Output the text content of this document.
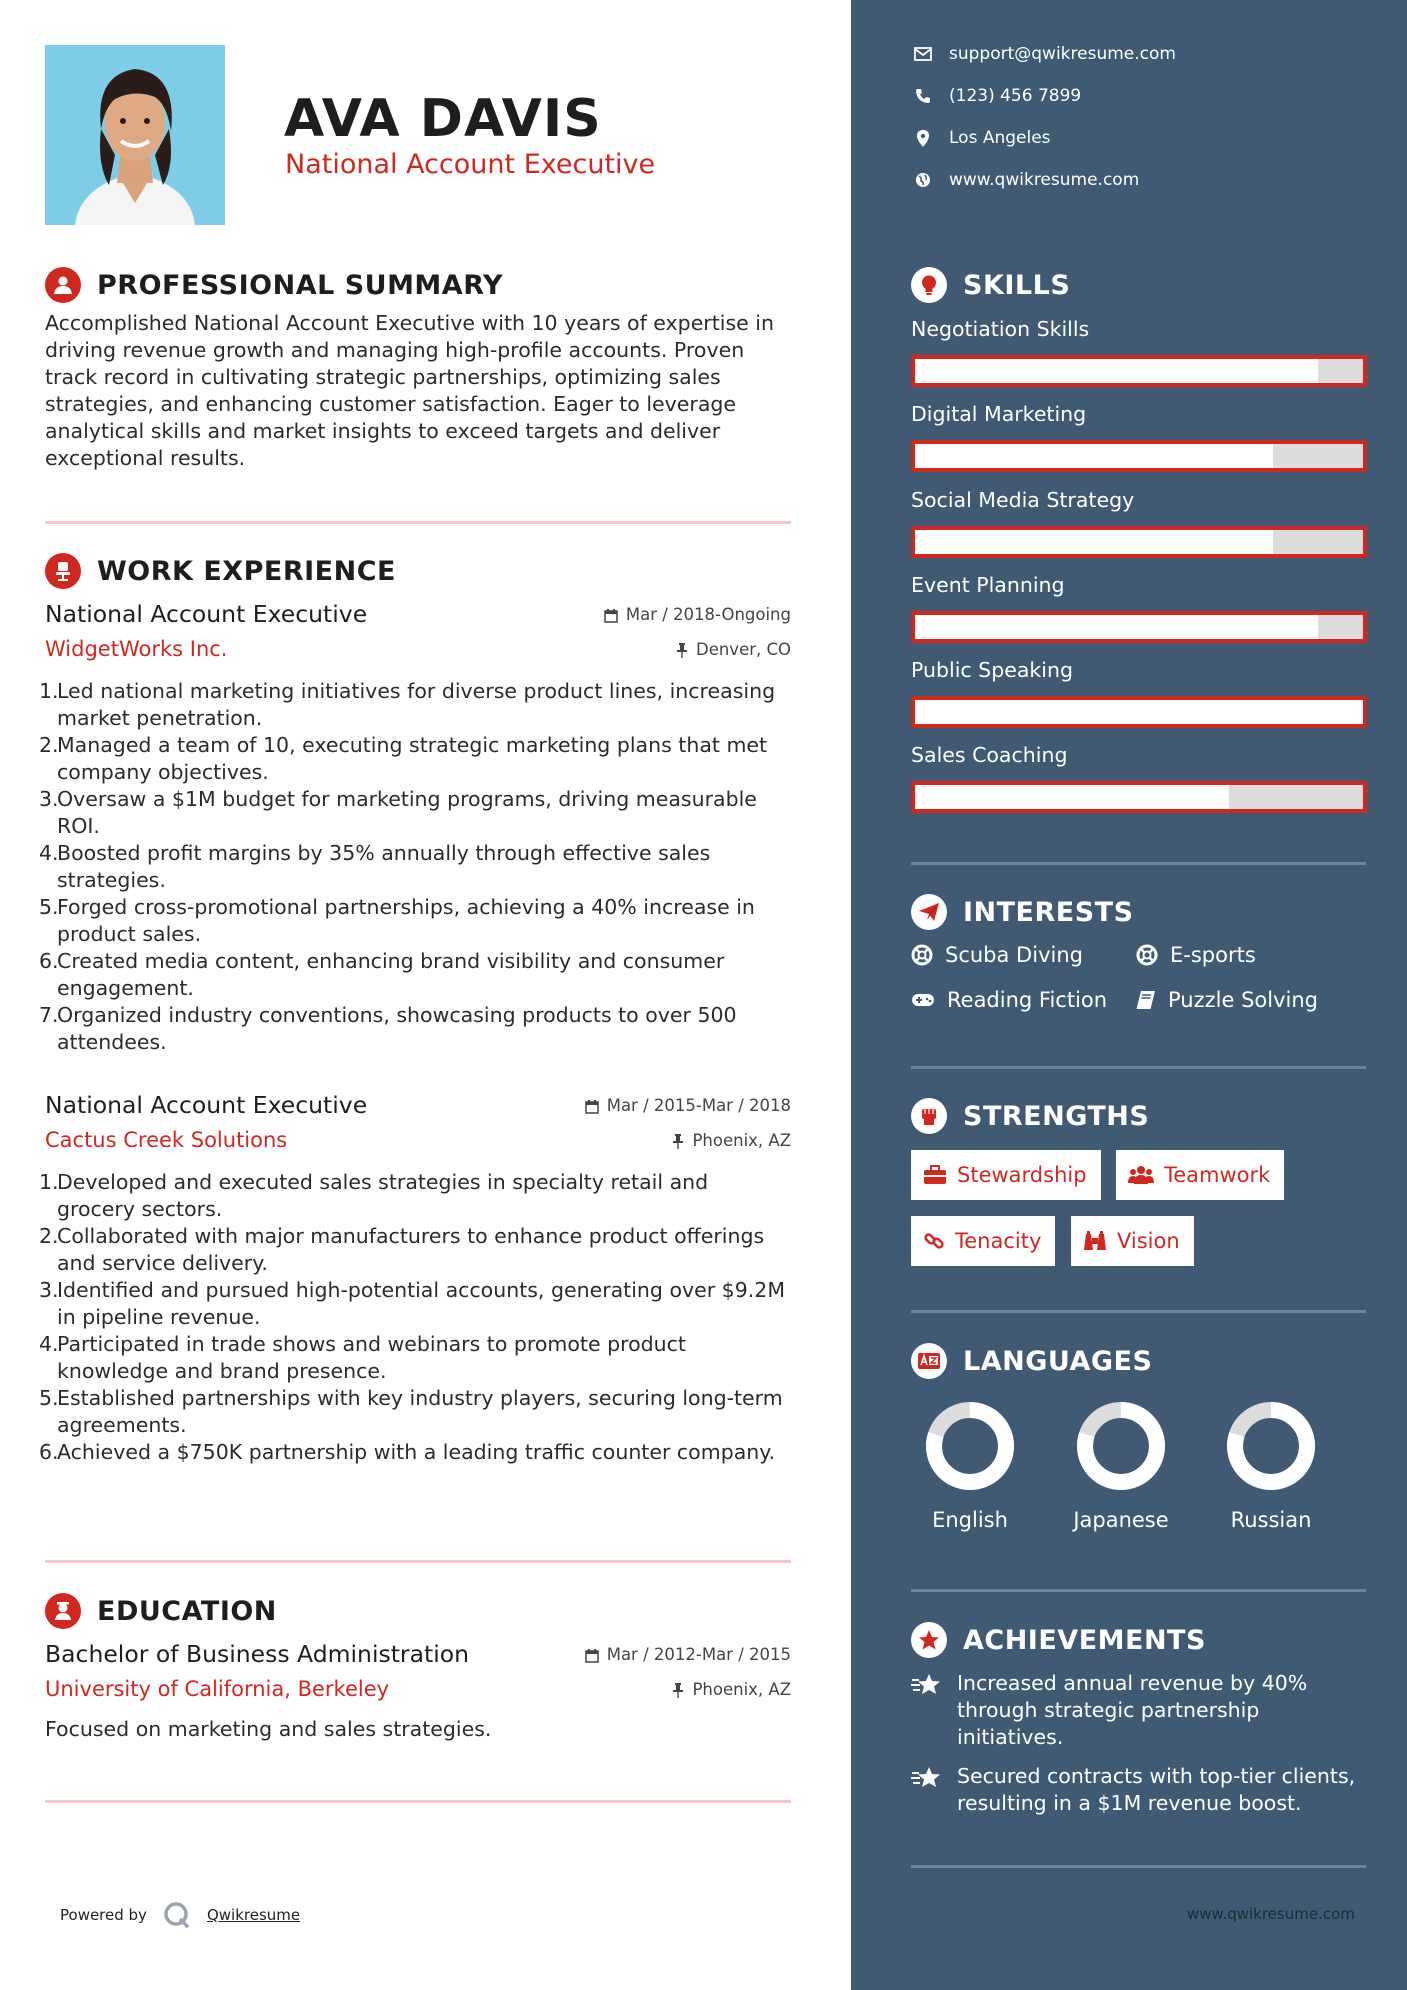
AVA DAVIS
National Account Executive
PROFESSIONAL SUMMARY

Accomplished National Account Executive with 10 years of expertise in driving revenue growth and managing high-profile accounts. Proven track record in cultivating strategic partnerships, optimizing sales strategies, and enhancing customer satisfaction. Eager to leverage analytical skills and market insights to exceed targets and deliver exceptional results.

WORK EXPERIENCE
National Account Executive	Mar / 2018-Ongoing
WidgetWorks Inc.	Denver, CO
1.
Led national marketing initiatives for diverse product lines, increasing market penetration.
2.
Managed a team of 10, executing strategic marketing plans that met company objectives.
3.
Oversaw a $1M budget for marketing programs, driving measurable ROI.
4.
Boosted profit margins by 35% annually through effective sales strategies.
5.
Forged cross-promotional partnerships, achieving a 40% increase in product sales.
6.
Created media content, enhancing brand visibility and consumer engagement.
7.
Organized industry conventions, showcasing products to over 500 attendees.
National Account Executive	Mar / 2015-Mar / 2018
Cactus Creek Solutions	Phoenix, AZ
1.
Developed and executed sales strategies in specialty retail and grocery sectors.
2.
Collaborated with major manufacturers to enhance product offerings and service delivery.
3.
Identified and pursued high-potential accounts, generating over $9.2M in pipeline revenue.
4.
Participated in trade shows and webinars to promote product knowledge and brand presence.
5.
Established partnerships with key industry players, securing long-term agreements.
6.
Achieved a $750K partnership with a leading traffic counter company.
EDUCATION
Bachelor of Business Administration	Mar / 2012-Mar / 2015
University of California, Berkeley	Phoenix, AZ

Focused on marketing and sales strategies.

Powered by	Qwikresume
support@qwikresume.com
(123) 456 7899
Los Angeles
www.qwikresume.com
SKILLS
Negotiation Skills
Digital Marketing
Social Media Strategy
Event Planning
Public Speaking
Sales Coaching
INTERESTS
Scuba Diving	E-sports
Reading Fiction	Puzzle Solving
STRENGTHS
Stewardship	Teamwork
Tenacity	Vision
LANGUAGES
English	Japanese	Russian
ACHIEVEMENTS
Increased annual revenue by 40% through strategic partnership initiatives.
Secured contracts with top-tier clients, resulting in a $1M revenue boost.
www.qwikresume.com
